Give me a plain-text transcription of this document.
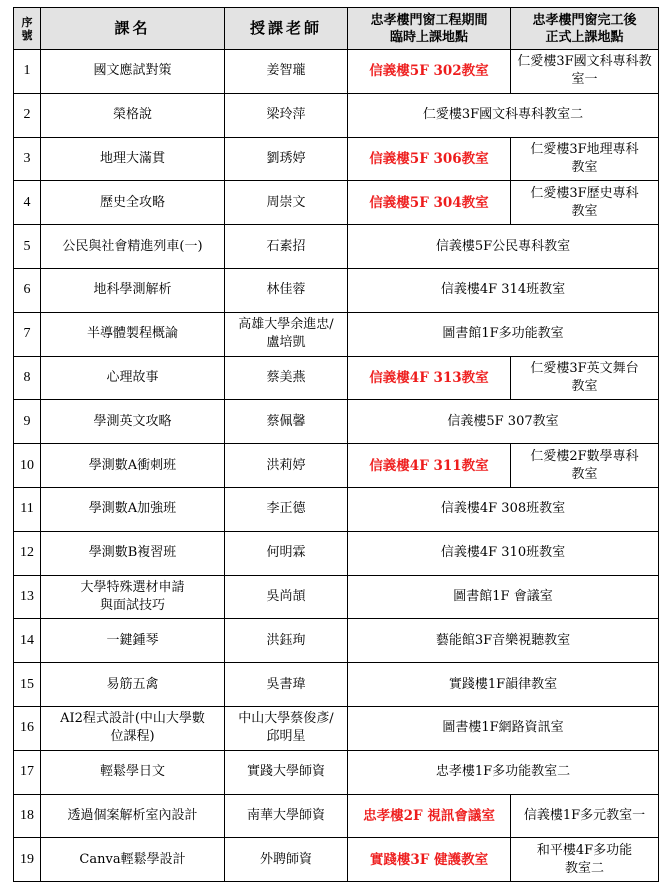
序
號	課名	授課老師	忠孝樓門窗工程期間
臨時上課地點	忠孝樓門窗完工後
正式上課地點

1	國文應試對策	姜智瓏	信義樓5F 302教室	仁愛樓3F國文科專科教
室一

2	榮格說	梁玲萍	仁愛樓3F國文科專科教室二	

3	地理大滿貫	劉琇婷	信義樓5F 306教室	仁愛樓3F地理專科
教室

4	歷史全攻略	周崇文	信義樓5F 304教室	仁愛樓3F歷史專科
教室

5	公民與社會精進列車(一)	石素招	信義樓5F公民專科教室	

6	地科學測解析	林佳蓉	信義樓4F 314班教室	

7	半導體製程概論	高雄大學余進忠/
盧培凱	圖書館1F多功能教室	

8	心理故事	蔡美燕	信義樓4F 313教室	仁愛樓3F英文舞台
教室

9	學測英文攻略	蔡佩馨	信義樓5F 307教室	

10	學測數A衝刺班	洪莉婷	信義樓4F 311教室	仁愛樓2F數學專科
教室

11	學測數A加強班	李正德	信義樓4F 308班教室	

12	學測數B複習班	何明霖	信義樓4F 310班教室	

13	大學特殊選材申請
與面試技巧	吳尚頡	圖書館1F 會議室	

14	一鍵鍾琴	洪鈺珣	藝能館3F音樂視聽教室	

15	易筋五禽	吳書瑋	實踐樓1F韻律教室	

16	AI2程式設計(中山大學數
位課程)	中山大學蔡俊彥/
邱明星	圖書樓1F網路資訊室	

17	輕鬆學日文	實踐大學師資	忠孝樓1F多功能教室二	

18	透過個案解析室內設計	南華大學師資	忠孝樓2F 視訊會議室	信義樓1F多元教室一

19	Canva輕鬆學設計	外聘師資	實踐樓3F 健護教室	和平樓4F多功能
教室二
